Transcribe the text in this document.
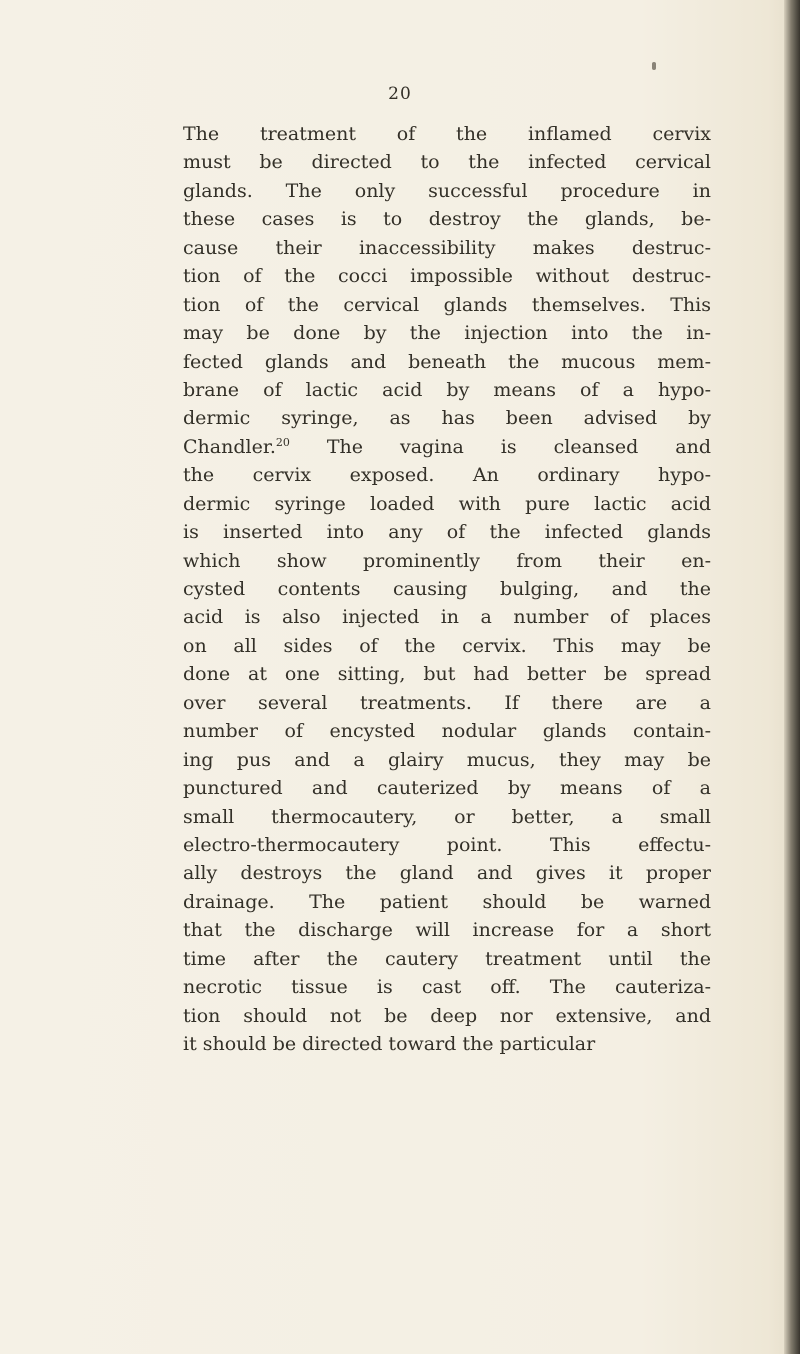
20
The treatment of the inflamed cervix
must be directed to the infected cervical
glands. The only successful procedure in
these cases is to destroy the glands, be-
cause their inaccessibility makes destruc-
tion of the cocci impossible without destruc-
tion of the cervical glands themselves. This
may be done by the injection into the in-
fected glands and beneath the mucous mem-
brane of lactic acid by means of a hypo-
dermic syringe, as has been advised by
Chandler.$^{20}$ The vagina is cleansed and
the cervix exposed. An ordinary hypo-
dermic syringe loaded with pure lactic acid
is inserted into any of the infected glands
which show prominently from their en-
cysted contents causing bulging, and the
acid is also injected in a number of places
on all sides of the cervix. This may be
done at one sitting, but had better be spread
over several treatments. If there are a
number of encysted nodular glands contain-
ing pus and a glairy mucus, they may be
punctured and cauterized by means of a
small thermocautery, or better, a small
electro-thermocautery point. This effectu-
ally destroys the gland and gives it proper
drainage. The patient should be warned
that the discharge will increase for a short
time after the cautery treatment until the
necrotic tissue is cast off. The cauteriza-
tion should not be deep nor extensive, and
it should be directed toward the particular
